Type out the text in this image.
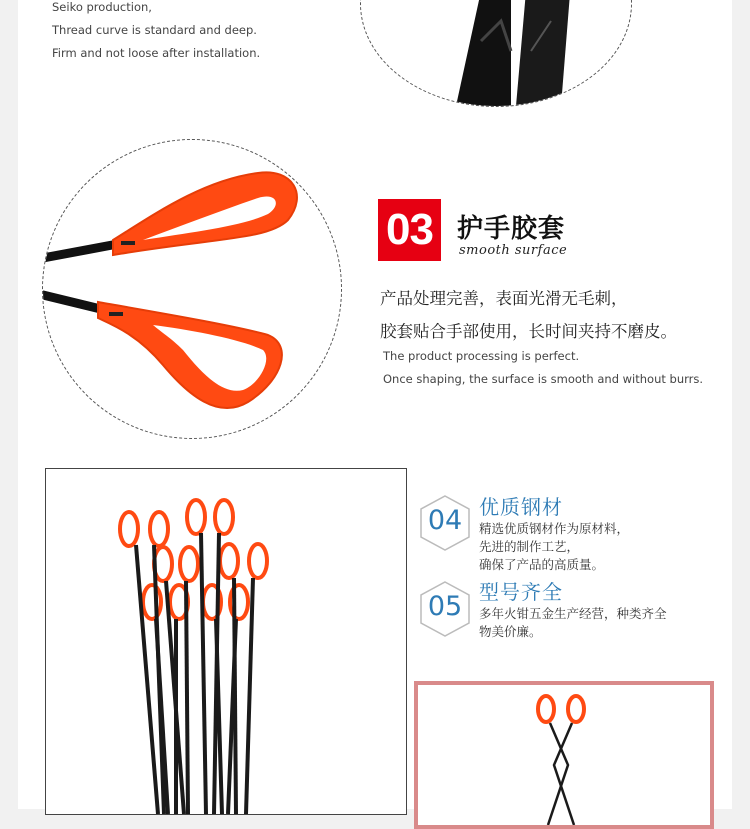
Seiko production,
Thread curve is standard and deep.
Firm and not loose after installation.
03 护手胶套
smooth surface
产品处理完善，表面光滑无毛刺，
胶套贴合手部使用，长时间夹持不磨皮。
The product processing is perfect.
Once shaping, the surface is smooth and without burrs.
04 优质钢材
精选优质钢材作为原材料，
先进的制作工艺，
确保了产品的高质量。
05 型号齐全
多年火钳五金生产经营，种类齐全
物美价廉。
